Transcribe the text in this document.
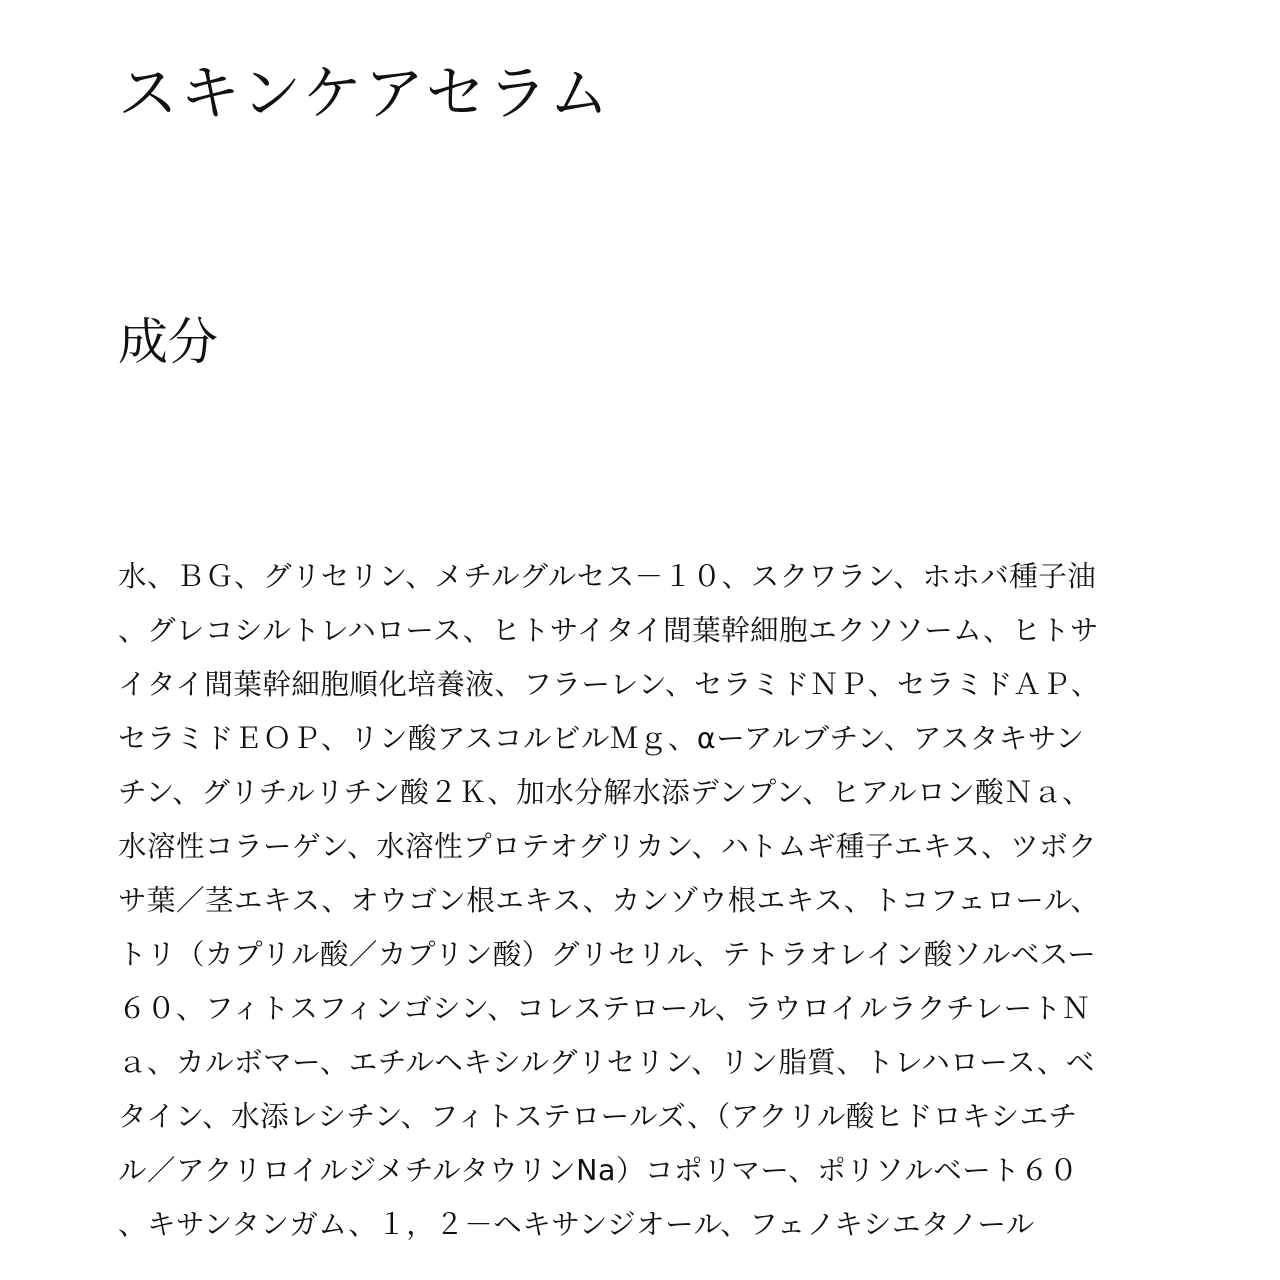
スキンケアセラム
成分

水、ＢＧ、グリセリン、メチルグルセス－１０、スクワラン、ホホバ種子油
、グレコシルトレハロース、ヒトサイタイ間葉幹細胞エクソソーム、ヒトサ
イタイ間葉幹細胞順化培養液、フラーレン、セラミドＮＰ、セラミドＡＰ、
セラミドＥＯＰ、リン酸アスコルビルＭｇ、αーアルブチン、アスタキサン
チン、グリチルリチン酸２Ｋ、加水分解水添デンプン、ヒアルロン酸Ｎａ、
水溶性コラーゲン、水溶性プロテオグリカン、ハトムギ種子エキス、ツボク
サ葉／茎エキス、オウゴン根エキス、カンゾウ根エキス、トコフェロール、
トリ（カプリル酸／カプリン酸）グリセリル、テトラオレイン酸ソルベスー
６０、フィトスフィンゴシン、コレステロール、ラウロイルラクチレートＮ
ａ、カルボマー、エチルヘキシルグリセリン、リン脂質、トレハロース、ベ
タイン、水添レシチン、フィトステロールズ、（アクリル酸ヒドロキシエチ
ル／アクリロイルジメチルタウリンNa）コポリマー、ポリソルベート６０
、キサンタンガム、１，２－ヘキサンジオール、フェノキシエタノール
